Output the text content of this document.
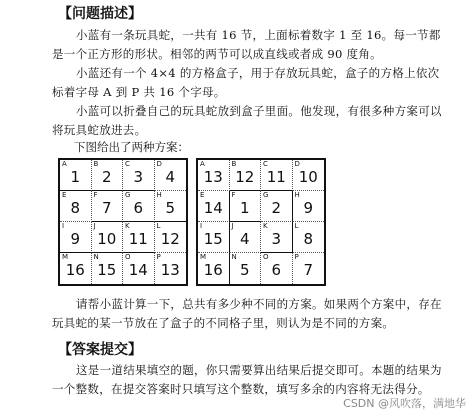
【问题描述】
小蓝有一条玩具蛇，一共有 16 节，上面标着数字 1 至 16。每一节都是一个正方形的形状。相邻的两节可以成直线或者成 90 度角。
小蓝还有一个 4×4 的方格盒子，用于存放玩具蛇，盒子的方格上依次标着字母 A 到 P 共 16 个字母。
小蓝可以折叠自己的玩具蛇放到盒子里面。他发现，有很多种方案可以将玩具蛇放进去。
下图给出了两种方案：
A
1
B
2
C
3
D
4
E
8
F
7
G
6
H
5
I
9
J
10
K
11
L
12
M
16
N
15
O
14
P
13
A
13
B
12
C
11
D
10
E
14
F
1
G
2
H
9
I
15
J
4
K
3
L
8
M
16
N
5
O
6
P
7
请帮小蓝计算一下，总共有多少种不同的方案。如果两个方案中，存在玩具蛇的某一节放在了盒子的不同格子里，则认为是不同的方案。
【答案提交】
这是一道结果填空的题，你只需要算出结果后提交即可。本题的结果为一个整数，在提交答案时只填写这个整数，填写多余的内容将无法得分。
CSDN @风吹落，满地华
